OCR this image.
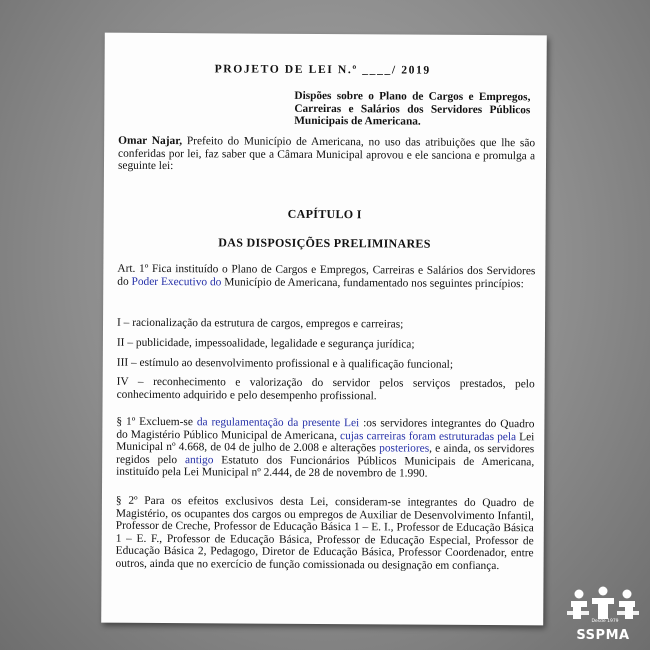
PROJETO DE LEI N.º ____/ 2019
Dispões sobre o Plano de Cargos e Empregos, Carreiras e Salários dos Servidores Públicos Municipais de Americana.
Omar Najar, Prefeito do Município de Americana, no uso das atribuições que lhe são conferidas por lei, faz saber que a Câmara Municipal aprovou e ele sanciona e promulga a seguinte lei:
CAPÍTULO I
DAS DISPOSIÇÕES PRELIMINARES
Art. 1º Fica instituído o Plano de Cargos e Empregos, Carreiras e Salários dos Servidores do Poder Executivo do Município de Americana, fundamentado nos seguintes princípios:
I – racionalização da estrutura de cargos, empregos e carreiras;
II – publicidade, impessoalidade, legalidade e segurança jurídica;
III – estímulo ao desenvolvimento profissional e à qualificação funcional;
IV – reconhecimento e valorização do servidor pelos serviços prestados, pelo conhecimento adquirido e pelo desempenho profissional.
§ 1º Excluem-se da regulamentação da presente Lei :os servidores integrantes do Quadro do Magistério Público Municipal de Americana, cujas carreiras foram estruturadas pela Lei Municipal nº 4.668, de 04 de julho de 2.008 e alterações posteriores, e ainda, os servidores regidos pelo antigo Estatuto dos Funcionários Públicos Municipais de Americana, instituído pela Lei Municipal nº 2.444, de 28 de novembro de 1.990.
§ 2º Para os efeitos exclusivos desta Lei, consideram-se integrantes do Quadro de Magistério, os ocupantes dos cargos ou empregos de Auxiliar de Desenvolvimento Infantil, Professor de Creche, Professor de Educação Básica 1 – E. I., Professor de Educação Básica 1 – E. F., Professor de Educação Básica, Professor de Educação Especial, Professor de Educação Básica 2, Pedagogo, Diretor de Educação Básica, Professor Coordenador, entre outros, ainda que no exercício de função comissionada ou designação em confiança.
Desde 1979
SSPMA
